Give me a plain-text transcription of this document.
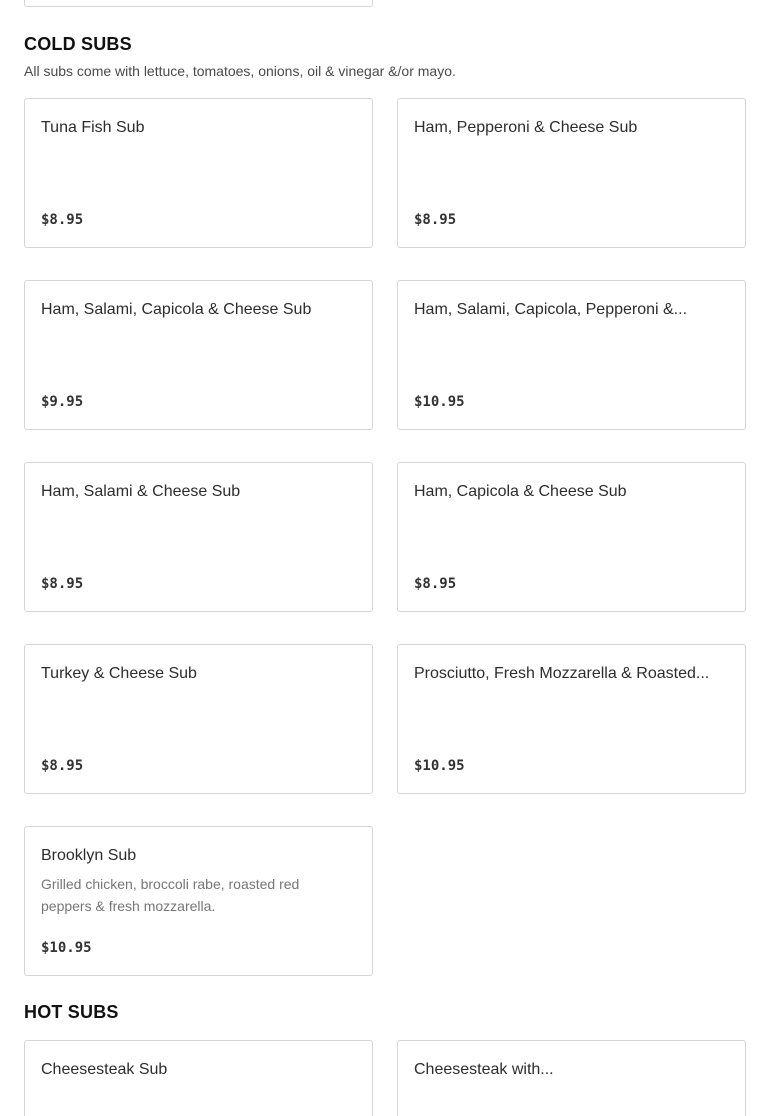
COLD SUBS
All subs come with lettuce, tomatoes, onions, oil & vinegar &/or mayo.
Tuna Fish Sub
$8.95
Ham, Pepperoni & Cheese Sub
$8.95
Ham, Salami, Capicola & Cheese Sub
$9.95
Ham, Salami, Capicola, Pepperoni &...
$10.95
Ham, Salami & Cheese Sub
$8.95
Ham, Capicola & Cheese Sub
$8.95
Turkey & Cheese Sub
$8.95
Prosciutto, Fresh Mozzarella & Roasted...
$10.95
Brooklyn Sub
Grilled chicken, broccoli rabe, roasted red peppers & fresh mozzarella.
$10.95
HOT SUBS
Cheesesteak Sub	Cheesesteak with...
